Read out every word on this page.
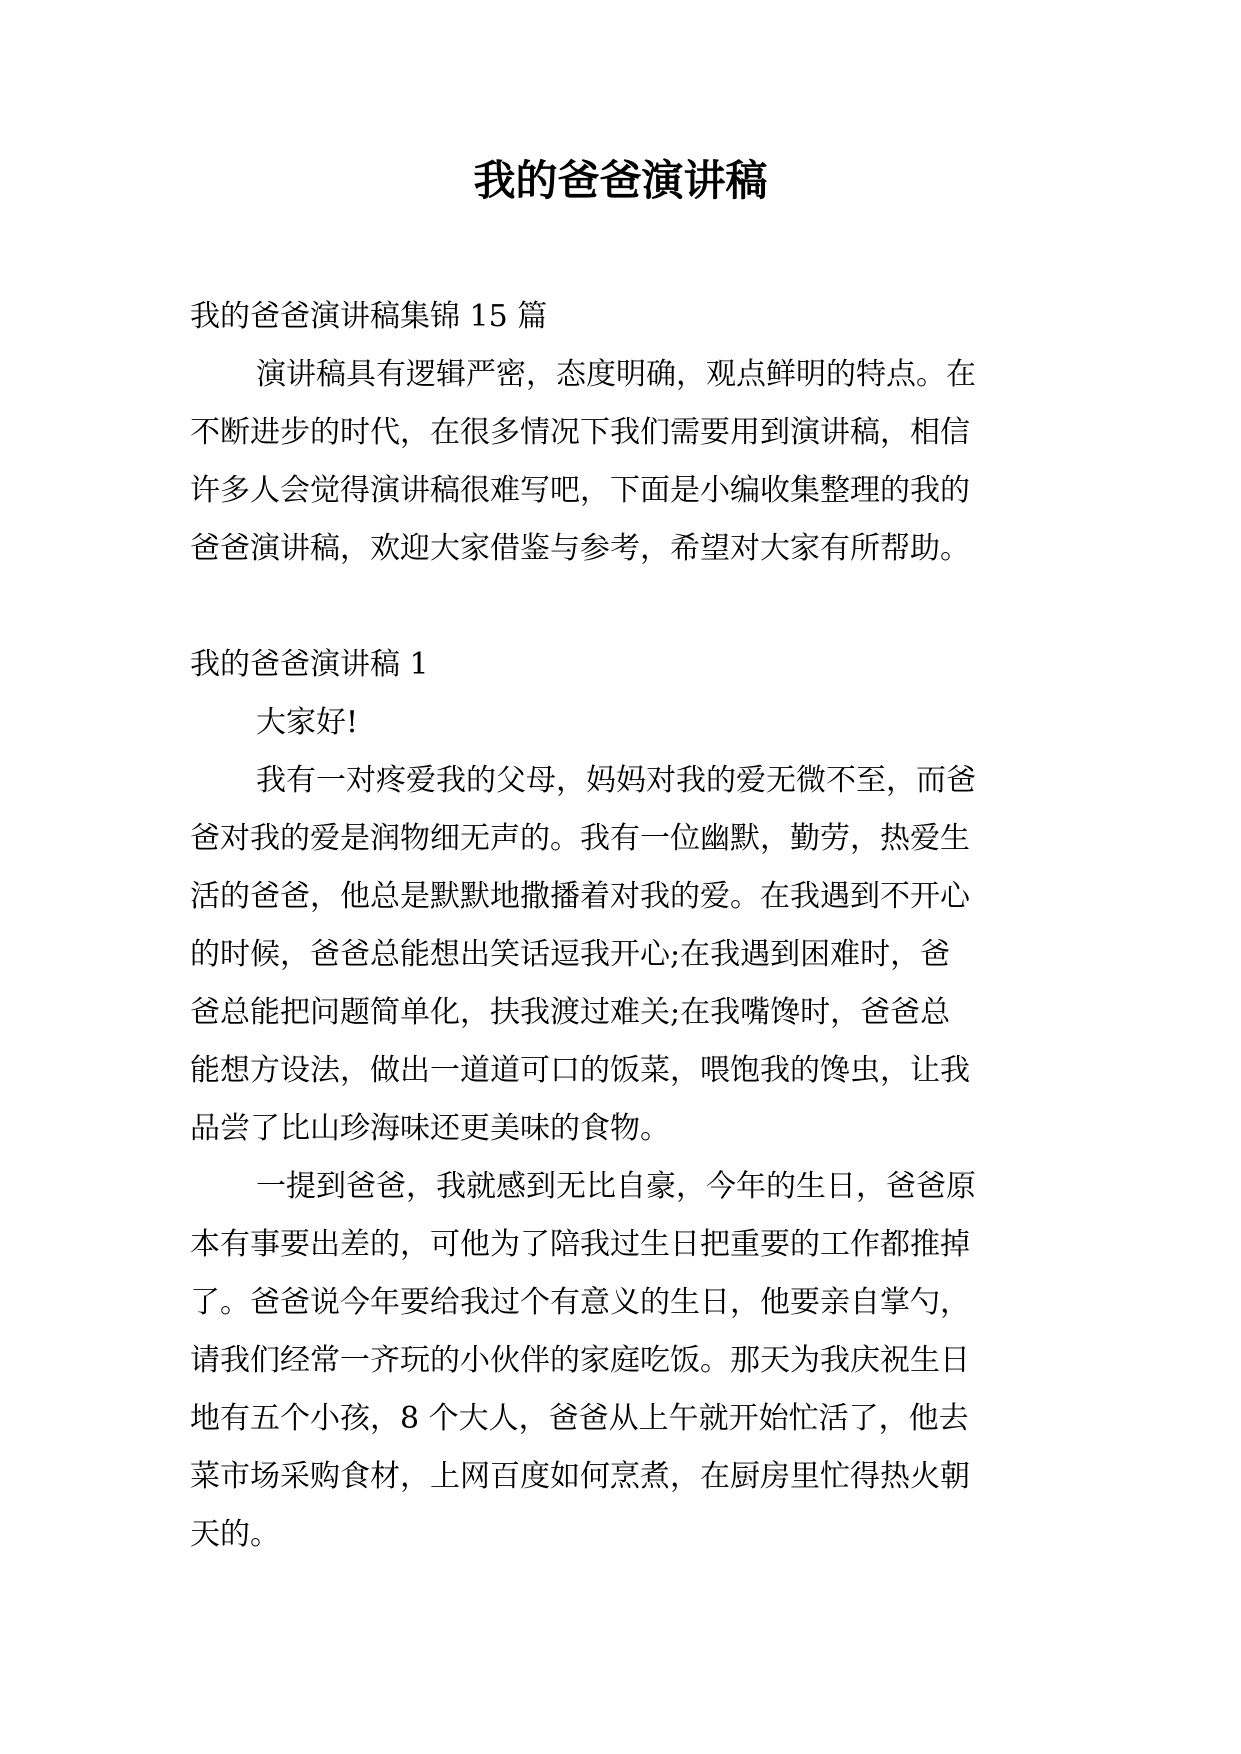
我的爸爸演讲稿
我的爸爸演讲稿集锦 15 篇
演讲稿具有逻辑严密，态度明确，观点鲜明的特点。在
不断进步的时代，在很多情况下我们需要用到演讲稿，相信
许多人会觉得演讲稿很难写吧，下面是小编收集整理的我的
爸爸演讲稿，欢迎大家借鉴与参考，希望对大家有所帮助。
我的爸爸演讲稿 1
大家好!
我有一对疼爱我的父母，妈妈对我的爱无微不至，而爸
爸对我的爱是润物细无声的。我有一位幽默，勤劳，热爱生
活的爸爸，他总是默默地撒播着对我的爱。在我遇到不开心
的时候，爸爸总能想出笑话逗我开心;在我遇到困难时，爸
爸总能把问题简单化，扶我渡过难关;在我嘴馋时，爸爸总
能想方设法，做出一道道可口的饭菜，喂饱我的馋虫，让我
品尝了比山珍海味还更美味的食物。
一提到爸爸，我就感到无比自豪，今年的生日，爸爸原
本有事要出差的，可他为了陪我过生日把重要的工作都推掉
了。爸爸说今年要给我过个有意义的生日，他要亲自掌勺，
请我们经常一齐玩的小伙伴的家庭吃饭。那天为我庆祝生日
地有五个小孩，8 个大人，爸爸从上午就开始忙活了，他去
菜市场采购食材，上网百度如何烹煮，在厨房里忙得热火朝
天的。
